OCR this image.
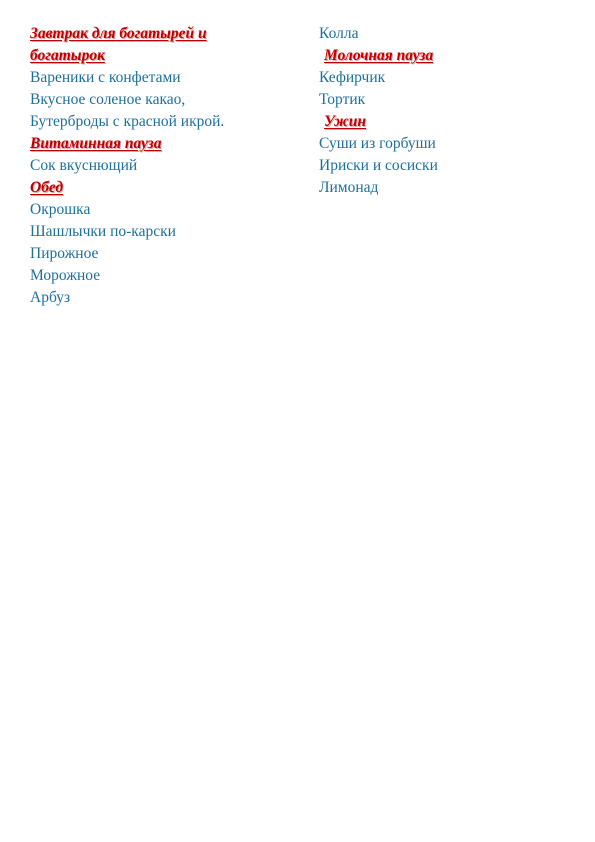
Завтрак для богатырей и
богатырок
Вареники с конфетами
Вкусное соленое какао,
Бутерброды с красной икрой.
Витаминная пауза
Сок вкуснющий
Обед
Окрошка
Шашлычки по-карски
Пирожное
Морожное
Арбуз
Колла
Молочная пауза
Кефирчик
Тортик
Ужин
Суши из горбуши
Ириски и сосиски
Лимонад
